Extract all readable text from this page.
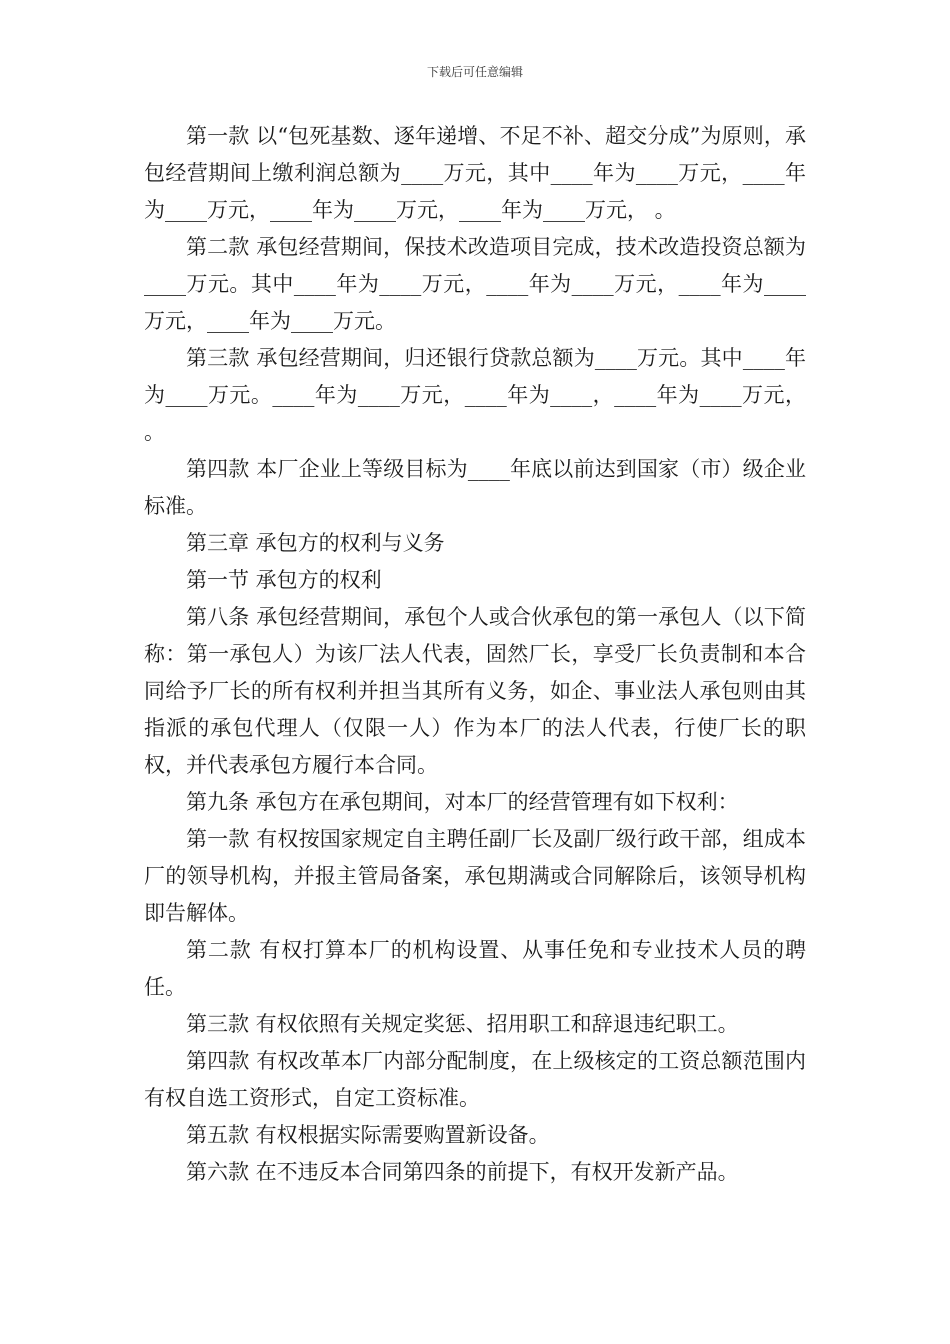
下载后可任意编辑

第一款 以“包死基数、逐年递增、不足不补、超交分成”为原则，承包经营期间上缴利润总额为____万元，其中____年为____万元，____年为____万元，____年为____万元，____年为____万元， 。

第二款 承包经营期间，保技术改造项目完成，技术改造投资总额为____万元。其中____年为____万元，____年为____万元，____年为____万元，____年为____万元。

第三款 承包经营期间，归还银行贷款总额为____万元。其中____年为____万元。____年为____万元，____年为____，____年为____万元， 。

第四款 本厂企业上等级目标为____年底以前达到国家（市）级企业标准。

第三章 承包方的权利与义务

第一节 承包方的权利

第八条 承包经营期间，承包个人或合伙承包的第一承包人（以下简称：第一承包人）为该厂法人代表，固然厂长，享受厂长负责制和本合同给予厂长的所有权利并担当其所有义务，如企、事业法人承包则由其指派的承包代理人（仅限一人）作为本厂的法人代表，行使厂长的职权，并代表承包方履行本合同。

第九条 承包方在承包期间，对本厂的经营管理有如下权利：

第一款 有权按国家规定自主聘任副厂长及副厂级行政干部，组成本厂的领导机构，并报主管局备案，承包期满或合同解除后，该领导机构即告解体。

第二款 有权打算本厂的机构设置、从事任免和专业技术人员的聘任。

第三款 有权依照有关规定奖惩、招用职工和辞退违纪职工。

第四款 有权改革本厂内部分配制度，在上级核定的工资总额范围内有权自选工资形式，自定工资标准。

第五款 有权根据实际需要购置新设备。

第六款 在不违反本合同第四条的前提下，有权开发新产品。
